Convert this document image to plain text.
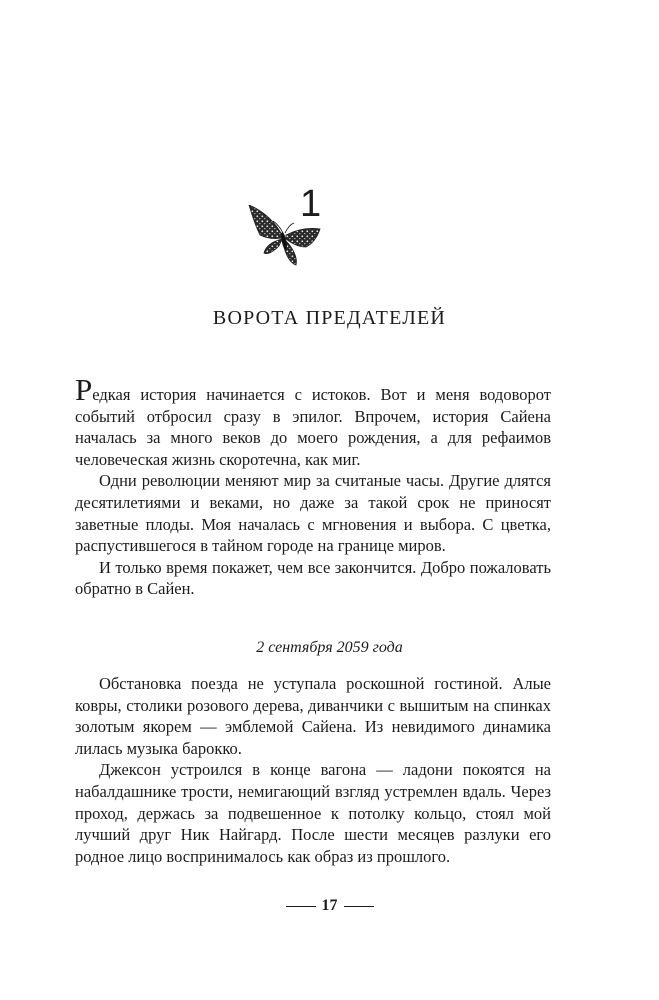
1
ВОРОТА ПРЕДАТЕЛЕЙ

Редкая история начинается с истоков. Вот и меня водоворот событий отбросил сразу в эпилог. Впрочем, история Сайена началась за много веков до моего рождения, а для рефаимов человеческая жизнь скоротечна, как миг.

Одни революции меняют мир за считаные часы. Другие длятся десятилетиями и веками, но даже за такой срок не приносят заветные плоды. Моя началась с мгновения и выбора. С цветка, распустившегося в тайном городе на границе миров.

И только время покажет, чем все закончится. Добро пожаловать обратно в Сайен.

2 сентября 2059 года

Обстановка поезда не уступала роскошной гостиной. Алые ковры, столики розового дерева, диванчики с вышитым на спинках золотым якорем — эмблемой Сайена. Из невидимого динамика лилась музыка барокко.

Джексон устроился в конце вагона — ладони покоятся на набалдашнике трости, немигающий взгляд устремлен вдаль. Через проход, держась за подвешенное к потолку кольцо, стоял мой лучший друг Ник Найгард. После шести месяцев разлуки его родное лицо воспринималось как образ из прошлого.

17
